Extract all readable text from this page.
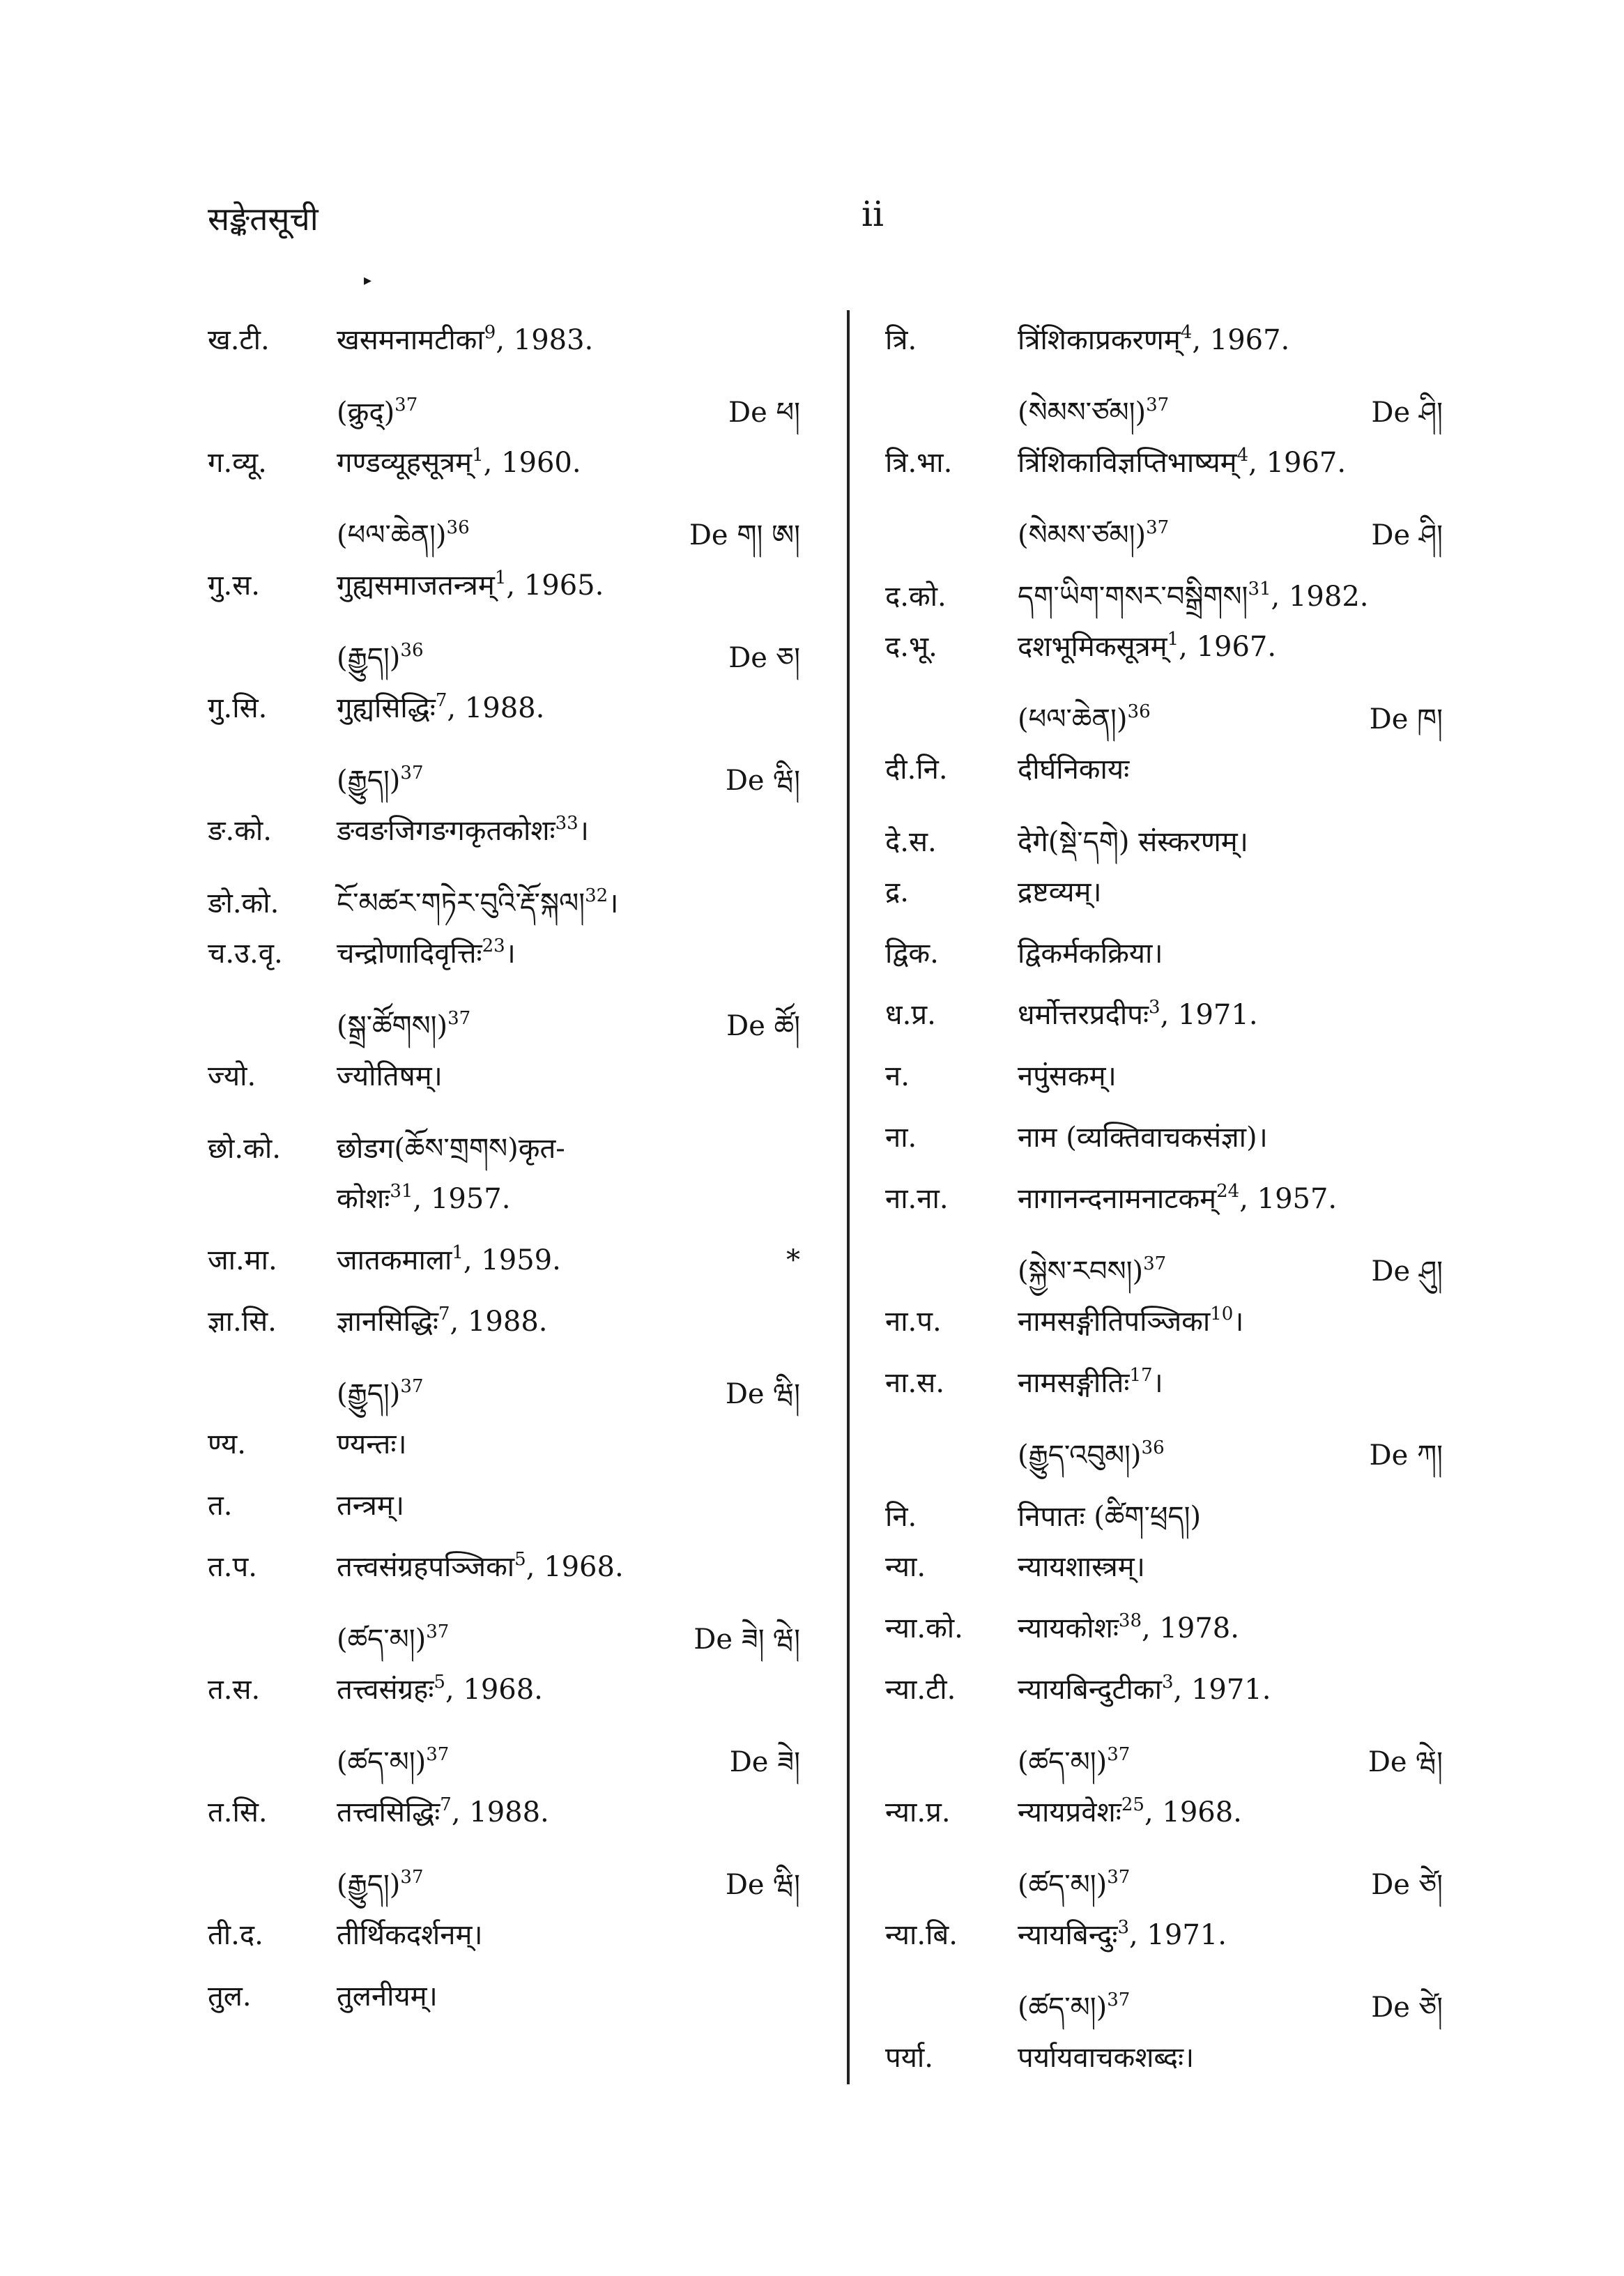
सङ्केतसूची	ii
▸
ख.टी.	खसमनामटीका$^9$, 1983.
(क्रुद्)$^{37}$	De ཕ།
ग.व्यू.	गण्डव्यूहसूत्रम्$^1$, 1960.
(ཕལ་ཆེན།)$^{36}$	De ག། ཨ།
गु.स.	गुह्यसमाजतन्त्रम्$^1$, 1965.
(རྒྱུད།)$^{36}$	De ཅ།
गु.सि.	गुह्यसिद्धिः$^7$, 1988.
(རྒྱུད།)$^{37}$	De ཝི།
ङ.को.	ङवङजिगङगकृतकोशः$^{33}$।
ङो.को.	ངོ་མཚར་གཏེར་བུའི་རྡོ་སྐལ།$^{32}$।
च.उ.वृ.	चन्द्रोणादिवृत्तिः$^{23}$।
(སྒྲ་ཚོགས།)$^{37}$	De ཚོ།
ज्यो.	ज्योतिषम्।
छो.को.	छोडग(ཆོས་གྲགས)कृत-
कोशः$^{31}$, 1957.
जा.मा.	जातकमाला$^1$, 1959.	*
ज्ञा.सि.	ज्ञानसिद्धिः$^7$, 1988.
(རྒྱུད།)$^{37}$	De ཝི།
ण्य.	ण्यन्तः।
त.	तन्त्रम्।
त.प.	तत्त्वसंग्रहपञ्जिका$^5$, 1968.
(ཚད་མ།)$^{37}$	De ཟེ། ཝེ།
त.स.	तत्त्वसंग्रहः$^5$, 1968.
(ཚད་མ།)$^{37}$	De ཟེ།
त.सि.	तत्त्वसिद्धिः$^7$, 1988.
(རྒྱུད།)$^{37}$	De ཝི།
ती.द.	तीर्थिकदर्शनम्।
तुल.	तुलनीयम्।
त्रि.	त्रिंशिकाप्रकरणम्$^4$, 1967.
(སེམས་ཙམ།)$^{37}$	De ཤི།
त्रि.भा.	त्रिंशिकाविज्ञप्तिभाष्यम्$^4$, 1967.
(སེམས་ཙམ།)$^{37}$	De ཤི།
द.को.	དག་ཡིག་གསར་བསྒྲིགས།$^{31}$, 1982.
द.भू.	दशभूमिकसूत्रम्$^1$, 1967.
(ཕལ་ཆེན།)$^{36}$	De ཁ།
दी.नि.	दीर्घनिकायः
दे.स.	देगे(སྡེ་དགེ) संस्करणम्।
द्र.	द्रष्टव्यम्।
द्विक.	द्विकर्मकक्रिया।
ध.प्र.	धर्मोत्तरप्रदीपः$^3$, 1971.
न.	नपुंसकम्।
ना.	नाम (व्यक्तिवाचकसंज्ञा)।
ना.ना.	नागानन्दनामनाटकम्$^{24}$, 1957.
(སྐྱེས་རབས།)$^{37}$	De ཤུ།
ना.प.	नामसङ्गीतिपञ्जिका$^{10}$।
ना.स.	नामसङ्गीतिः$^{17}$।
(རྒྱུད་འབུམ།)$^{36}$	De ཀ།
नि.	निपातः (ཚིག་ཕྲད།)
न्या.	न्यायशास्त्रम्।
न्या.को.	न्यायकोशः$^{38}$, 1978.
न्या.टी.	न्यायबिन्दुटीका$^3$, 1971.
(ཚད་མ།)$^{37}$	De ཝེ།
न्या.प्र.	न्यायप्रवेशः$^{25}$, 1968.
(ཚད་མ།)$^{37}$	De ཙེ།
न्या.बि.	न्यायबिन्दुः$^3$, 1971.
(ཚད་མ།)$^{37}$	De ཙེ།
पर्या.	पर्यायवाचकशब्दः।
